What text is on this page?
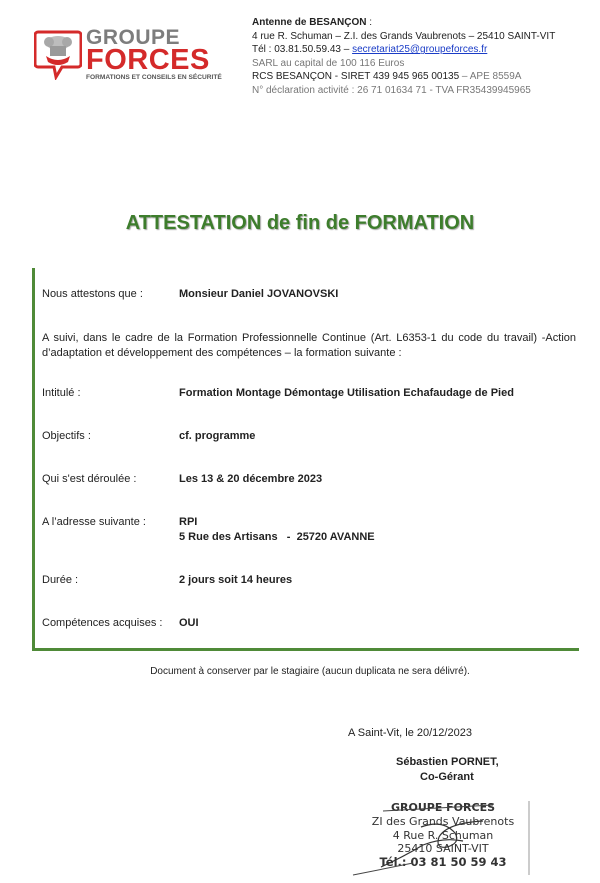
GROUPE
FORCES
FORMATIONS ET CONSEILS EN SÉCURITÉ
Antenne de BESANÇON :
4 rue R. Schuman – Z.I. des Grands Vaubrenots – 25410 SAINT-VIT
Tél : 03.81.50.59.43 – secretariat25@groupeforces.fr
SARL au capital de 100 116 Euros
RCS BESANÇON - SIRET 439 945 965 00135 – APE 8559A
N° déclaration activité : 26 71 01634 71 - TVA FR35439945965
ATTESTATION de fin de FORMATION
Nous attestons que :	Monsieur Daniel JOVANOVSKI
A suivi, dans le cadre de la Formation Professionnelle Continue (Art. L6353-1 du code du travail) -Action d’adaptation et développement des compétences – la formation suivante :
Intitulé :	Formation Montage Démontage Utilisation Echafaudage de Pied
Objectifs :	cf. programme
Qui s'est déroulée :	Les 13 & 20 décembre 2023
A l’adresse suivante :	RPI
5 Rue des Artisans   -  25720 AVANNE
Durée :	2 jours soit 14 heures
Compétences acquises : OUI
Document à conserver par le stagiaire (aucun duplicata ne sera délivré).
A Saint-Vit, le 20/12/2023
Sébastien PORNET,
Co-Gérant
GROUPE FORCES
ZI des Grands Vaubrenots
4 Rue R. Schuman
25410 SAINT-VIT
Tél.: 03 81 50 59 43
